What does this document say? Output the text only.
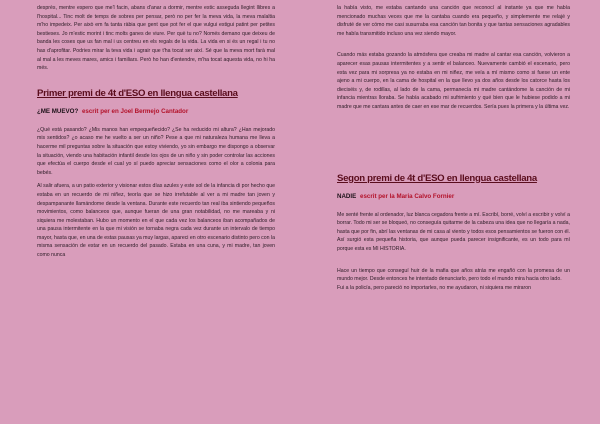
desprès, mentre espero que me'l facin, abans d'anar a dormir, mentre estic asseguda llegint llibres a l'hospital... Tinc molt de temps de sobres per pensar, però no per fer la meva vida, la meva malaltia m'ho impedeix. Per això em fa tanta ràbia que gent que pot fer el que vulgui estigui patint per petites bestieses. Jo m'estic morint i tinc molts ganes de viure. Per què tu no? Només demano que deixeu de banda les coses que us fan mal i us centreu en els regals de la vida. La vida en si és un regal i tu no has d'aprofitar. Podries mirar la teva vida i agrair que t'ha tocat ser així. Sé que la meva mort farà mal al mal a les meves mares, amics i familiars. Però ho han d'entendre, m'ha tocat aquesta vida, no hi ha més.

Primer premi de 4t d'ESO en llengua castellana
¿ME MUEVO? escrit per en Joel Bermejo Cantador

¿Qué está pasando? ¿Mis manos han empequeñecido? ¿Se ha reducido mi altura? ¿Han mejorado mis sentidos? ¿o acaso me he vuelto a ser un niño? Pese a que mi naturaleza humana me lleva a hacerme mil preguntas sobre la situación que estoy viviendo, yo sin embargo me dispongo a observar la situación, viendo una habitación infantil desde los ojos de un niño y sin poder controlar las acciones que efectúa el cuerpo desde el cual yo sí puedo apreciar sensaciones como el olor a colonia para bebés.

Al salir afuera, a un patio exterior y visionar estos días azules y este sol de la infancia di por hecho que estaba en un recuerdo de mi niñez, teoría que se hizo irrefutable al ver a mi madre tan joven y despampanante llamándome desde la ventana. Durante este recuerdo tan real iba sintiendo pequeños movimientos, como balanceos que, aunque fueran de una gran notabilidad, no me mareaba y ni siquiera me molestaban. Hubo un momento en el que cada vez los balanceos iban acompañados de una pausa intermitente en la que mi visión se tornaba negra cada vez durante un intervalo de tiempo mayor, hasta que, en una de estas pausas ya muy largas, apareci en otro escenario distinto pero con la misma sensación de estar en un recuerdo del pasado. Estaba en una cuna, y mi madre, tan joven como nunca

la había visto, me estaba cantando una canción que reconocí al instante ya que me había mencionado muchas veces que me la cantaba cuando era pequeño, y simplemente me relajé y disfruté de ver cómo me casi susurraba esa canción tan bonita y que tantas sensaciones agradables me había transmitido incluso una vez siendo mayor.

Cuando más estaba gozando la atmósfera que creaba mi madre al cantar esa canción, volvieron a aparecer esas pausas intermitentes y a sentir el balanceo. Nuevamente cambió el escenario, pero esta vez para mi sorpresa ya no estaba en mi niñez, me veía a mí mismo como si fuese un ente ajeno a mi cuerpo, en la cama de hospital en la que llevo ya dos años desde los catorce hasta los dieciséis y, de rodillas, al lado de la cama, permanecía mi madre cantándome la canción de mi infancia mientras lloraba. Se había acabado mi sufrimiento y qué bien que le hubiese podido a mi madre que me cantara antes de caer en ese mar de recuerdos. Sería pues la primera y la última vez.

Segon premi de 4t d'ESO en llengua castellana
NADIE escrit per la Maria Calvo Fornier

Me senté frente al ordenador, luz blanca cegadora frente a mí. Escribí, borré, volví a escribir y volví a borrar. Todo mi ser se bloqueó, no conseguía quitarme de la cabeza una idea que no llegaría a nada, hasta que por fin, abrí las ventanas de mi casa al viento y todos esos pensamientos se fueron con él. Así surgió esta pequeña historia, que aunque pueda parecer insignificante, es un todo para mí porque esta es MI HISTORIA.

Hace un tiempo que conseguí huir de la mafia que años atrás me engañó con la promesa de un mundo mejor. Desde entonces he intentado denunciarlo, pero todo el mundo mira hacia otro lado.

Fui a la policía, pero pareció no importarles, no me ayudaron, ni siquiera me miraron
